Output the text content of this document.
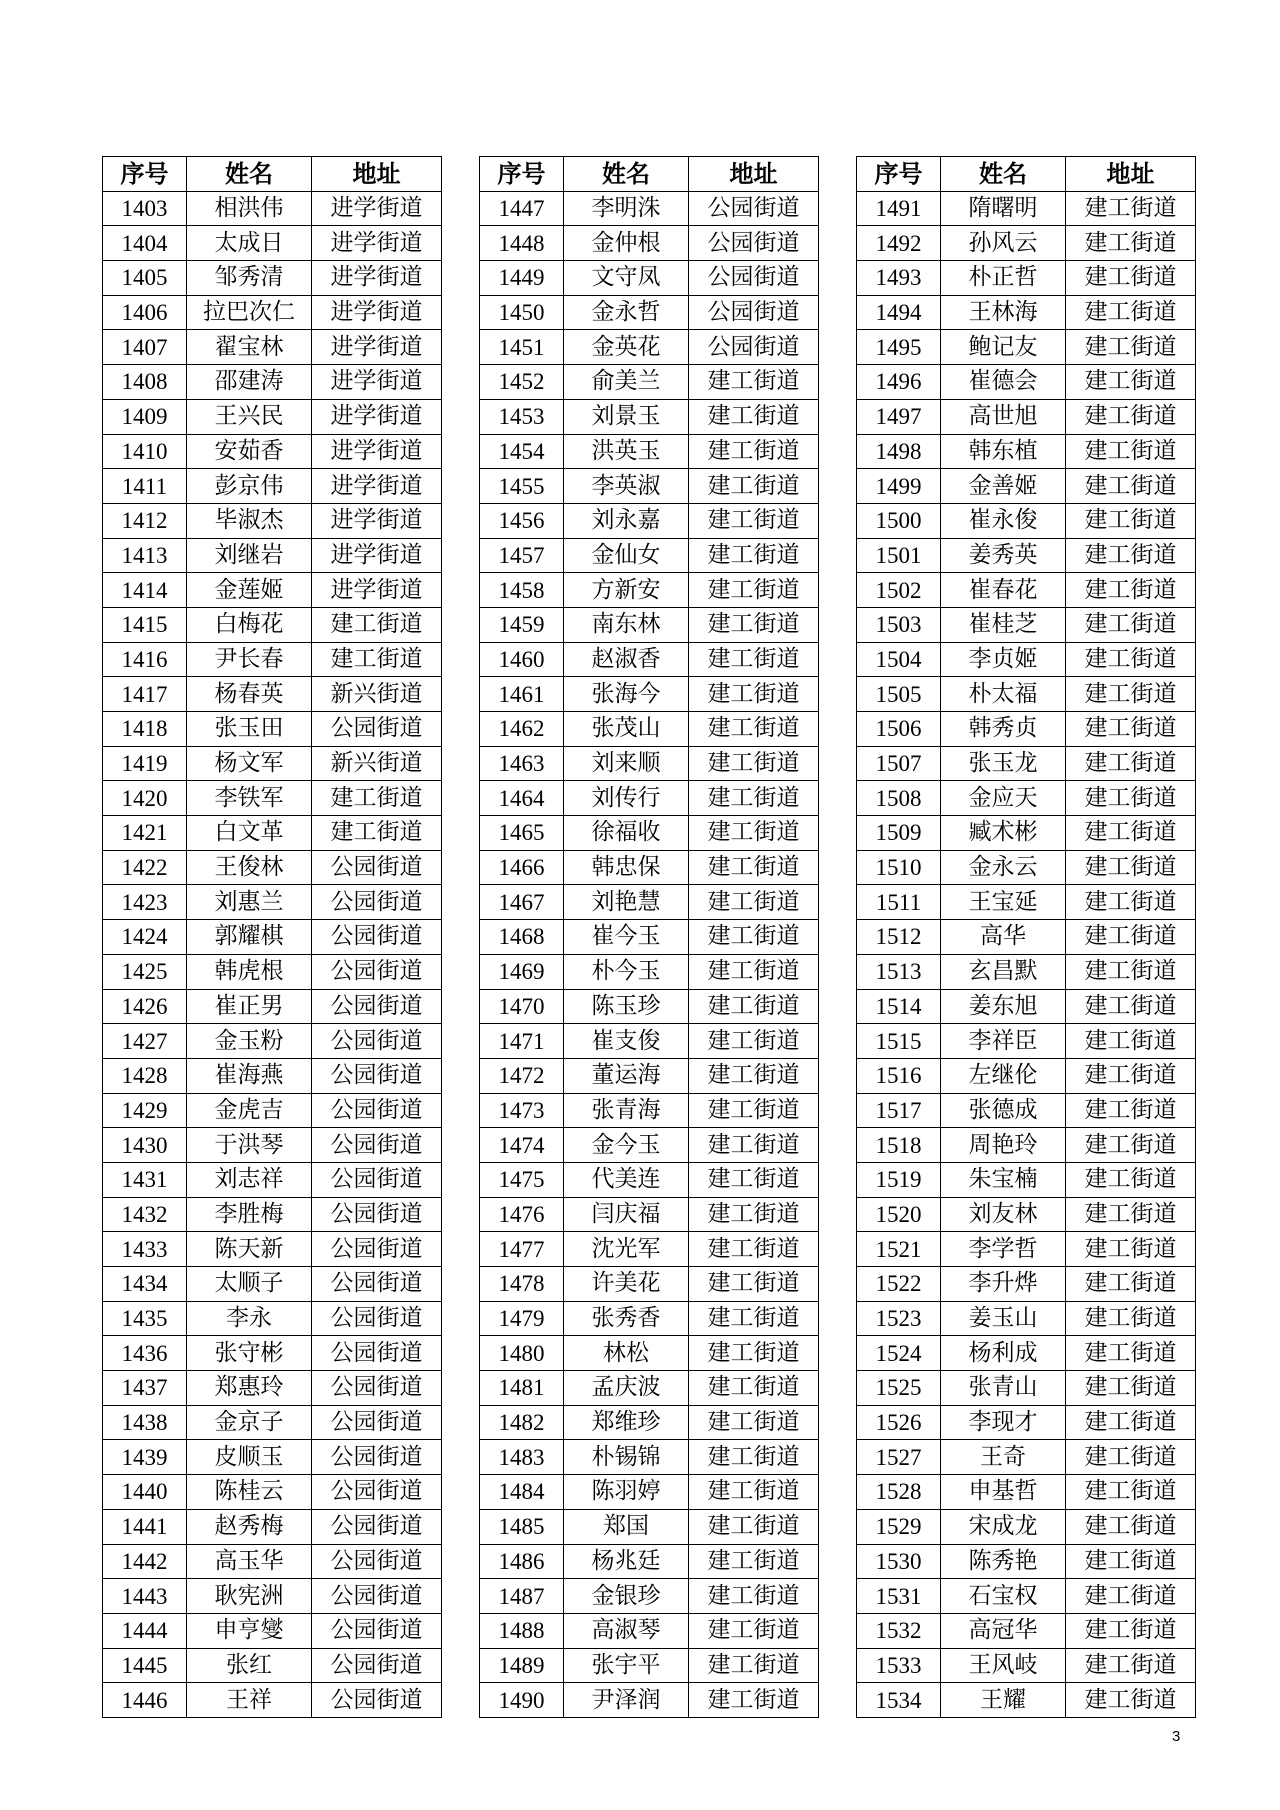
序号	姓名	地址
1403	相洪伟	进学街道
1404	太成日	进学街道
1405	邹秀清	进学街道
1406	拉巴次仁	进学街道
1407	翟宝林	进学街道
1408	邵建涛	进学街道
1409	王兴民	进学街道
1410	安茹香	进学街道
1411	彭京伟	进学街道
1412	毕淑杰	进学街道
1413	刘继岩	进学街道
1414	金莲姬	进学街道
1415	白梅花	建工街道
1416	尹长春	建工街道
1417	杨春英	新兴街道
1418	张玉田	公园街道
1419	杨文军	新兴街道
1420	李铁军	建工街道
1421	白文革	建工街道
1422	王俊林	公园街道
1423	刘惠兰	公园街道
1424	郭耀棋	公园街道
1425	韩虎根	公园街道
1426	崔正男	公园街道
1427	金玉粉	公园街道
1428	崔海燕	公园街道
1429	金虎吉	公园街道
1430	于洪琴	公园街道
1431	刘志祥	公园街道
1432	李胜梅	公园街道
1433	陈天新	公园街道
1434	太顺子	公园街道
1435	李永	公园街道
1436	张守彬	公园街道
1437	郑惠玲	公园街道
1438	金京子	公园街道
1439	皮顺玉	公园街道
1440	陈桂云	公园街道
1441	赵秀梅	公园街道
1442	高玉华	公园街道
1443	耿宪洲	公园街道
1444	申亨燮	公园街道
1445	张红	公园街道
1446	王祥	公园街道
序号	姓名	地址
1447	李明洙	公园街道
1448	金仲根	公园街道
1449	文守凤	公园街道
1450	金永哲	公园街道
1451	金英花	公园街道
1452	俞美兰	建工街道
1453	刘景玉	建工街道
1454	洪英玉	建工街道
1455	李英淑	建工街道
1456	刘永嘉	建工街道
1457	金仙女	建工街道
1458	方新安	建工街道
1459	南东林	建工街道
1460	赵淑香	建工街道
1461	张海今	建工街道
1462	张茂山	建工街道
1463	刘来顺	建工街道
1464	刘传行	建工街道
1465	徐福收	建工街道
1466	韩忠保	建工街道
1467	刘艳慧	建工街道
1468	崔今玉	建工街道
1469	朴今玉	建工街道
1470	陈玉珍	建工街道
1471	崔支俊	建工街道
1472	董运海	建工街道
1473	张青海	建工街道
1474	金今玉	建工街道
1475	代美连	建工街道
1476	闫庆福	建工街道
1477	沈光军	建工街道
1478	许美花	建工街道
1479	张秀香	建工街道
1480	林松	建工街道
1481	孟庆波	建工街道
1482	郑维珍	建工街道
1483	朴锡锦	建工街道
1484	陈羽婷	建工街道
1485	郑国	建工街道
1486	杨兆廷	建工街道
1487	金银珍	建工街道
1488	高淑琴	建工街道
1489	张宇平	建工街道
1490	尹泽润	建工街道
序号	姓名	地址
1491	隋曙明	建工街道
1492	孙风云	建工街道
1493	朴正哲	建工街道
1494	王林海	建工街道
1495	鲍记友	建工街道
1496	崔德会	建工街道
1497	高世旭	建工街道
1498	韩东植	建工街道
1499	金善姬	建工街道
1500	崔永俊	建工街道
1501	姜秀英	建工街道
1502	崔春花	建工街道
1503	崔桂芝	建工街道
1504	李贞姬	建工街道
1505	朴太福	建工街道
1506	韩秀贞	建工街道
1507	张玉龙	建工街道
1508	金应天	建工街道
1509	臧术彬	建工街道
1510	金永云	建工街道
1511	王宝延	建工街道
1512	高华	建工街道
1513	玄昌默	建工街道
1514	姜东旭	建工街道
1515	李祥臣	建工街道
1516	左继伦	建工街道
1517	张德成	建工街道
1518	周艳玲	建工街道
1519	朱宝楠	建工街道
1520	刘友林	建工街道
1521	李学哲	建工街道
1522	李升烨	建工街道
1523	姜玉山	建工街道
1524	杨利成	建工街道
1525	张青山	建工街道
1526	李现才	建工街道
1527	王奇	建工街道
1528	申基哲	建工街道
1529	宋成龙	建工街道
1530	陈秀艳	建工街道
1531	石宝权	建工街道
1532	高冠华	建工街道
1533	王风岐	建工街道
1534	王耀	建工街道
3
